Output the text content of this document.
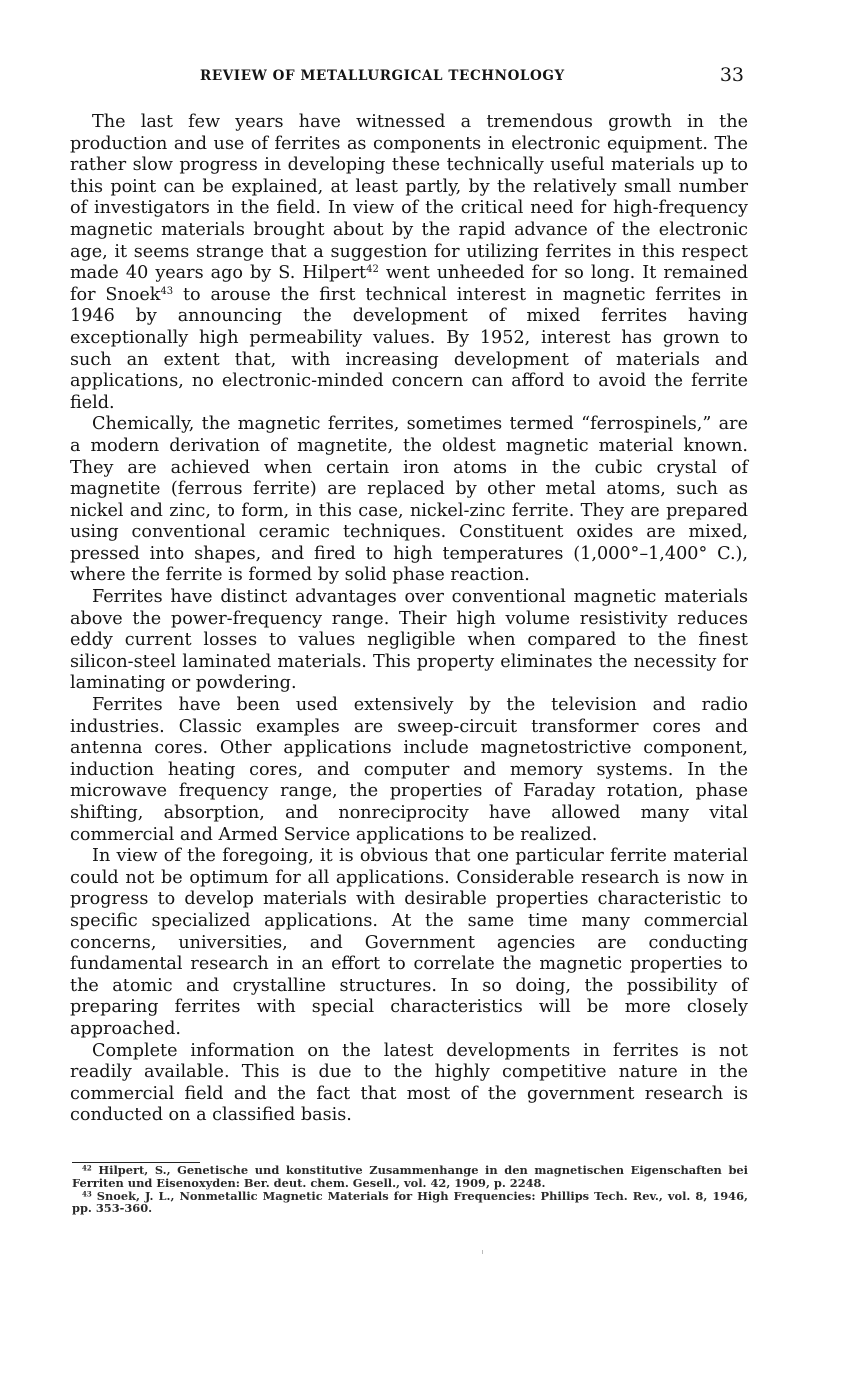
REVIEW OF METALLURGICAL TECHNOLOGY	33

The last few years have witnessed a tremendous growth in the production and use of ferrites as components in electronic equipment. The rather slow progress in developing these technically useful materials up to this point can be explained, at least partly, by the relatively small number of investigators in the field. In view of the critical need for high-frequency magnetic materials brought about by the rapid advance of the electronic age, it seems strange that a suggestion for utilizing ferrites in this respect made 40 years ago by S. Hilpert$^{42}$ went unheeded for so long. It remained for Snoek$^{43}$ to arouse the first technical interest in magnetic ferrites in 1946 by announcing the development of mixed ferrites having exceptionally high permeability values. By 1952, interest has grown to such an extent that, with increasing development of materials and applications, no electronic-minded concern can afford to avoid the ferrite field.

Chemically, the magnetic ferrites, sometimes termed “ferrospinels,” are a modern derivation of magnetite, the oldest magnetic material known. They are achieved when certain iron atoms in the cubic crystal of magnetite (ferrous ferrite) are replaced by other metal atoms, such as nickel and zinc, to form, in this case, nickel-zinc ferrite. They are prepared using conventional ceramic techniques. Constituent oxides are mixed, pressed into shapes, and fired to high temperatures (1,000°–1,400° C.), where the ferrite is formed by solid phase reaction.

Ferrites have distinct advantages over conventional magnetic materials above the power-frequency range. Their high volume resistivity reduces eddy current losses to values negligible when compared to the finest silicon-steel laminated materials. This property eliminates the necessity for laminating or powdering.

Ferrites have been used extensively by the television and radio industries. Classic examples are sweep-circuit transformer cores and antenna cores. Other applications include magnetostrictive component, induction heating cores, and computer and memory systems. In the microwave frequency range, the properties of Faraday rotation, phase shifting, absorption, and nonreciprocity have allowed many vital commercial and Armed Service applications to be realized.

In view of the foregoing, it is obvious that one particular ferrite material could not be optimum for all applications. Considerable research is now in progress to develop materials with desirable properties characteristic to specific specialized applications. At the same time many commercial concerns, universities, and Government agencies are conducting fundamental research in an effort to correlate the magnetic properties to the atomic and crystalline structures. In so doing, the possibility of preparing ferrites with special characteristics will be more closely approached.

Complete information on the latest developments in ferrites is not readily available. This is due to the highly competitive nature in the commercial field and the fact that most of the government research is conducted on a classified basis.

$^{42}$ Hilpert, S., Genetische und konstitutive Zusammenhange in den magnetischen Eigenschaften bei Ferriten und Eisenoxyden: Ber. deut. chem. Gesell., vol. 42, 1909, p. 2248.

$^{43}$ Snoek, J. L., Nonmetallic Magnetic Materials for High Frequencies: Phillips Tech. Rev., vol. 8, 1946, pp. 353-360.
